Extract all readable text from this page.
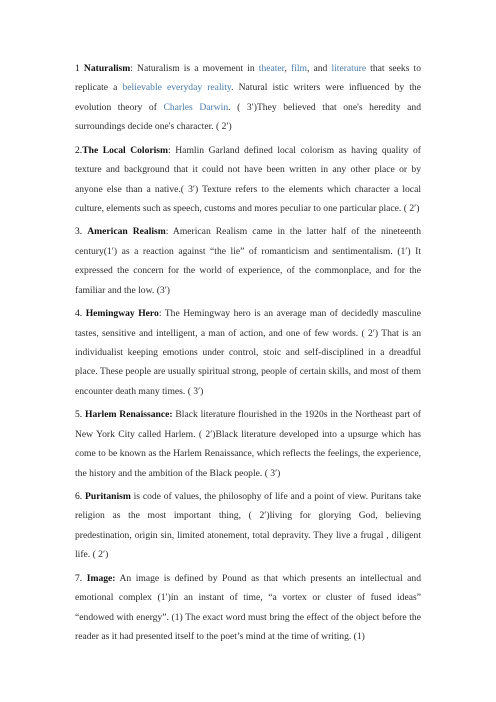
1 Naturalism: Naturalism is a movement in theater, film, and literature that seeks to replicate a believable everyday reality. Natural istic writers were influenced by the evolution theory of Charles Darwin. ( 3′)They believed that one's heredity and surroundings decide one's character. ( 2′)

2.The Local Colorism: Hamlin Garland defined local colorism as having quality of texture and background that it could not have been written in any other place or by anyone else than a native.( 3′) Texture refers to the elements which character a local culture, elements such as speech, customs and mores peculiar to one particular place. ( 2′)

3. American Realism: American Realism came in the latter half of the nineteenth century(1′) as a reaction against “the lie” of romanticism and sentimentalism. (1′) It expressed the concern for the world of experience, of the commonplace, and for the familiar and the low. (3′)

4. Hemingway Hero: The Hemingway hero is an average man of decidedly masculine tastes, sensitive and intelligent, a man of action, and one of few words. ( 2′) That is an individualist keeping emotions under control, stoic and self-disciplined in a dreadful place. These people are usually spiritual strong, people of certain skills, and most of them encounter death many times. ( 3′)

5. Harlem Renaissance: Black literature flourished in the 1920s in the Northeast part of New York City called Harlem. ( 2′)Black literature developed into a upsurge which has come to be known as the Harlem Renaissance, which reflects the feelings, the experience, the history and the ambition of the Black people. ( 3′)

6. Puritanism is code of values, the philosophy of life and a point of view. Puritans take religion as the most important thing, ( 2′)living for glorying God, believing predestination, origin sin, limited atonement, total depravity. They live a frugal , diligent life. ( 2′)

7. Image: An image is defined by Pound as that which presents an intellectual and emotional complex (1′)in an instant of time, “a vortex or cluster of fused ideas” “endowed with energy”. (1) The exact word must bring the effect of the object before the reader as it had presented itself to the poet’s mind at the time of writing. (1)
